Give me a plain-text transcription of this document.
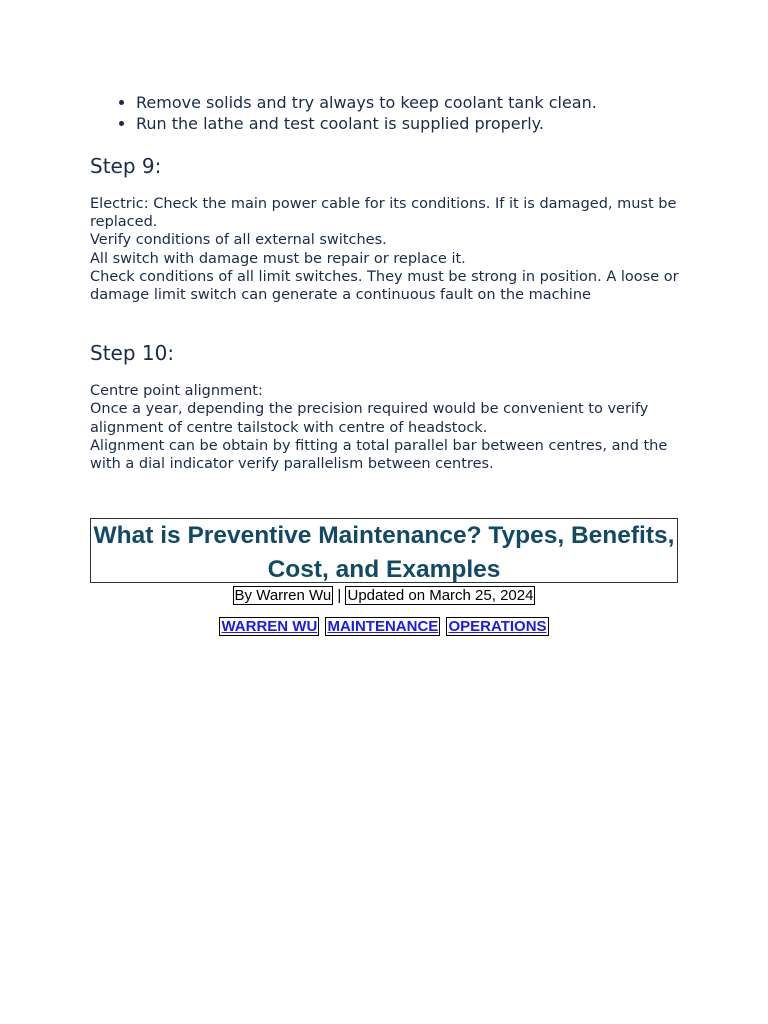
• Remove solids and try always to keep coolant tank clean.
• Run the lathe and test coolant is supplied properly.
Step 9:

Electric: Check the main power cable for its conditions. If it is damaged, must be replaced.

Verify conditions of all external switches.

All switch with damage must be repair or replace it.

Check conditions of all limit switches. They must be strong in position. A loose or damage limit switch can generate a continuous fault on the machine

Step 10:

Centre point alignment:

Once a year, depending the precision required would be convenient to verify alignment of centre tailstock with centre of headstock.

Alignment can be obtain by fitting a total parallel bar between centres, and the with a dial indicator verify parallelism between centres.

What is Preventive Maintenance? Types, Benefits, Cost, and Examples
By Warren Wu | Updated on March 25, 2024
WARREN WU MAINTENANCE OPERATIONS
